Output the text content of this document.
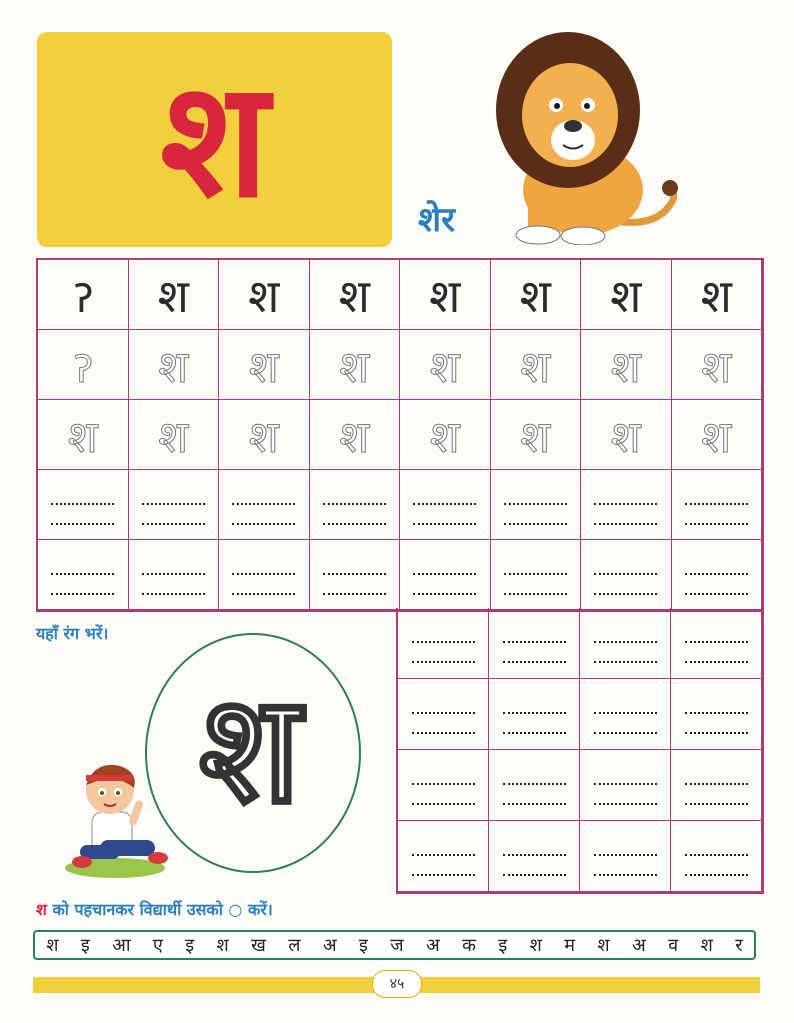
श	शेर
ॽ	श	श	श	श	श	श	श
ॽ	श	श	श	श	श	श	श
श	श	श	श	श	श	श	श
यहाँ रंग भरें।
श
श को पहचानकर विद्यार्थी उसको ○ करें।
श इ आ ए इ श ख ल अ इ ज अ क इ श म श अ व श र
४५
